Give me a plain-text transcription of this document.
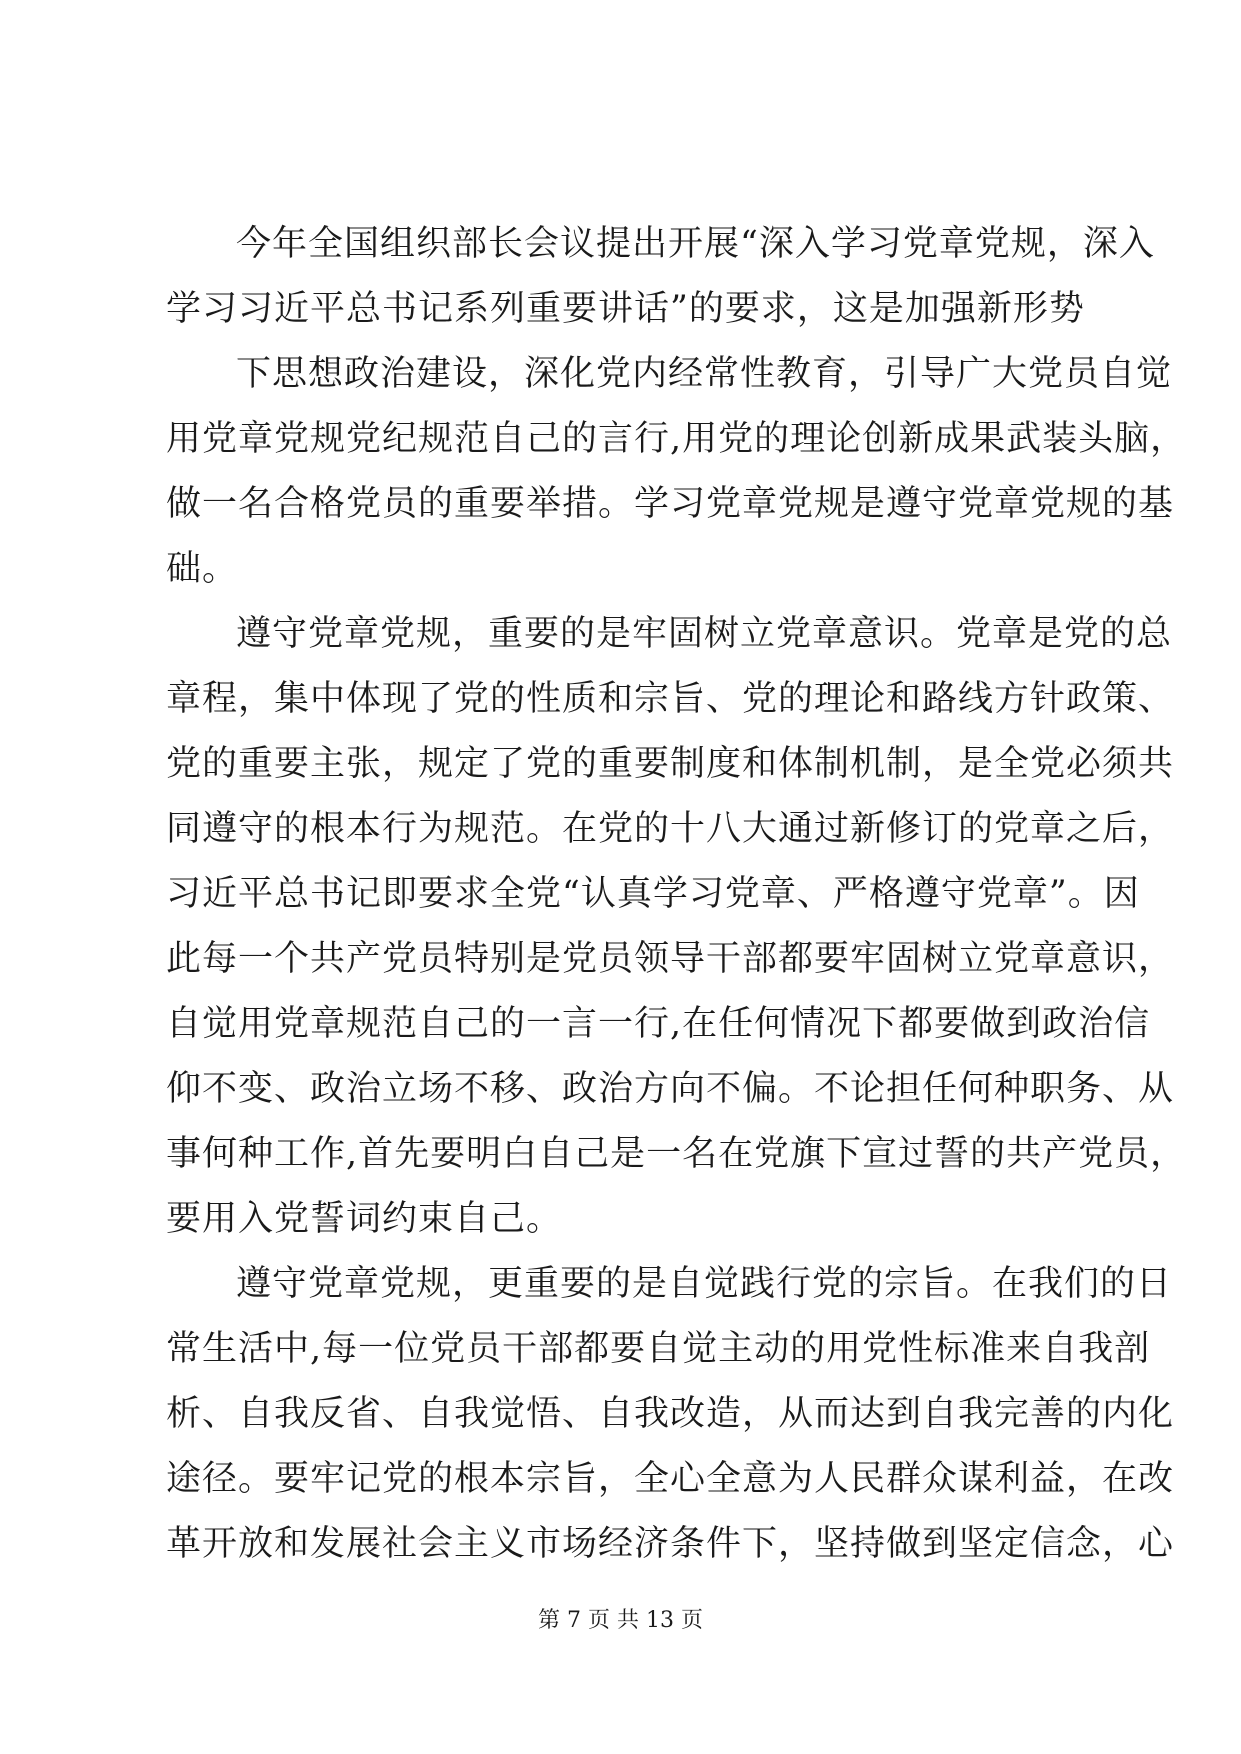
今年全国组织部长会议提出开展“深入学习党章党规，深入
学习习近平总书记系列重要讲话”的要求，这是加强新形势
下思想政治建设，深化党内经常性教育，引导广大党员自觉
用党章党规党纪规范自己的言行,用党的理论创新成果武装头脑，
做一名合格党员的重要举措。学习党章党规是遵守党章党规的基
础。
遵守党章党规，重要的是牢固树立党章意识。党章是党的总
章程，集中体现了党的性质和宗旨、党的理论和路线方针政策、
党的重要主张，规定了党的重要制度和体制机制，是全党必须共
同遵守的根本行为规范。在党的十八大通过新修订的党章之后，
习近平总书记即要求全党“认真学习党章、严格遵守党章”。因
此每一个共产党员特别是党员领导干部都要牢固树立党章意识，
自觉用党章规范自己的一言一行,在任何情况下都要做到政治信
仰不变、政治立场不移、政治方向不偏。不论担任何种职务、从
事何种工作,首先要明白自己是一名在党旗下宣过誓的共产党员，
要用入党誓词约束自己。
遵守党章党规，更重要的是自觉践行党的宗旨。在我们的日
常生活中,每一位党员干部都要自觉主动的用党性标准来自我剖
析、自我反省、自我觉悟、自我改造，从而达到自我完善的内化
途径。要牢记党的根本宗旨，全心全意为人民群众谋利益，在改
革开放和发展社会主义市场经济条件下，坚持做到坚定信念，心
第 7 页 共 13 页
